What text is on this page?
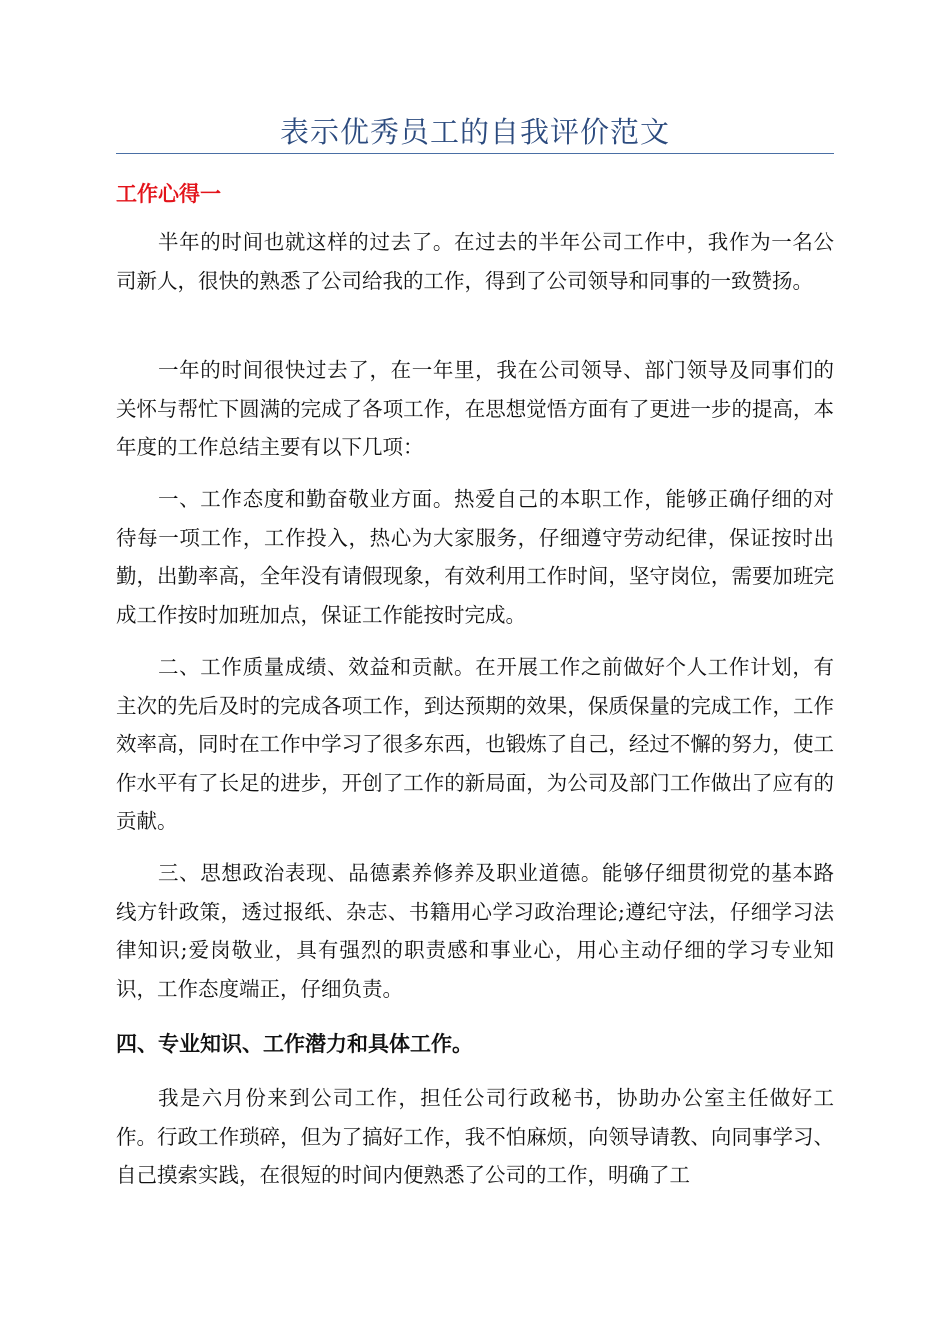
表示优秀员工的自我评价范文
工作心得一

半年的时间也就这样的过去了。在过去的半年公司工作中，我作为一名公司新人，很快的熟悉了公司给我的工作，得到了公司领导和同事的一致赞扬。

一年的时间很快过去了，在一年里，我在公司领导、部门领导及同事们的关怀与帮忙下圆满的完成了各项工作，在思想觉悟方面有了更进一步的提高，本年度的工作总结主要有以下几项：

一、工作态度和勤奋敬业方面。热爱自己的本职工作，能够正确仔细的对待每一项工作，工作投入，热心为大家服务，仔细遵守劳动纪律，保证按时出勤，出勤率高，全年没有请假现象，有效利用工作时间，坚守岗位，需要加班完成工作按时加班加点，保证工作能按时完成。

二、工作质量成绩、效益和贡献。在开展工作之前做好个人工作计划，有主次的先后及时的完成各项工作，到达预期的效果，保质保量的完成工作，工作效率高，同时在工作中学习了很多东西，也锻炼了自己，经过不懈的努力，使工作水平有了长足的进步，开创了工作的新局面，为公司及部门工作做出了应有的贡献。

三、思想政治表现、品德素养修养及职业道德。能够仔细贯彻党的基本路线方针政策，透过报纸、杂志、书籍用心学习政治理论;遵纪守法，仔细学习法律知识;爱岗敬业，具有强烈的职责感和事业心，用心主动仔细的学习专业知识，工作态度端正，仔细负责。

四、专业知识、工作潜力和具体工作。

我是六月份来到公司工作，担任公司行政秘书，协助办公室主任做好工作。行政工作琐碎，但为了搞好工作，我不怕麻烦，向领导请教、向同事学习、自己摸索实践，在很短的时间内便熟悉了公司的工作，明确了工
